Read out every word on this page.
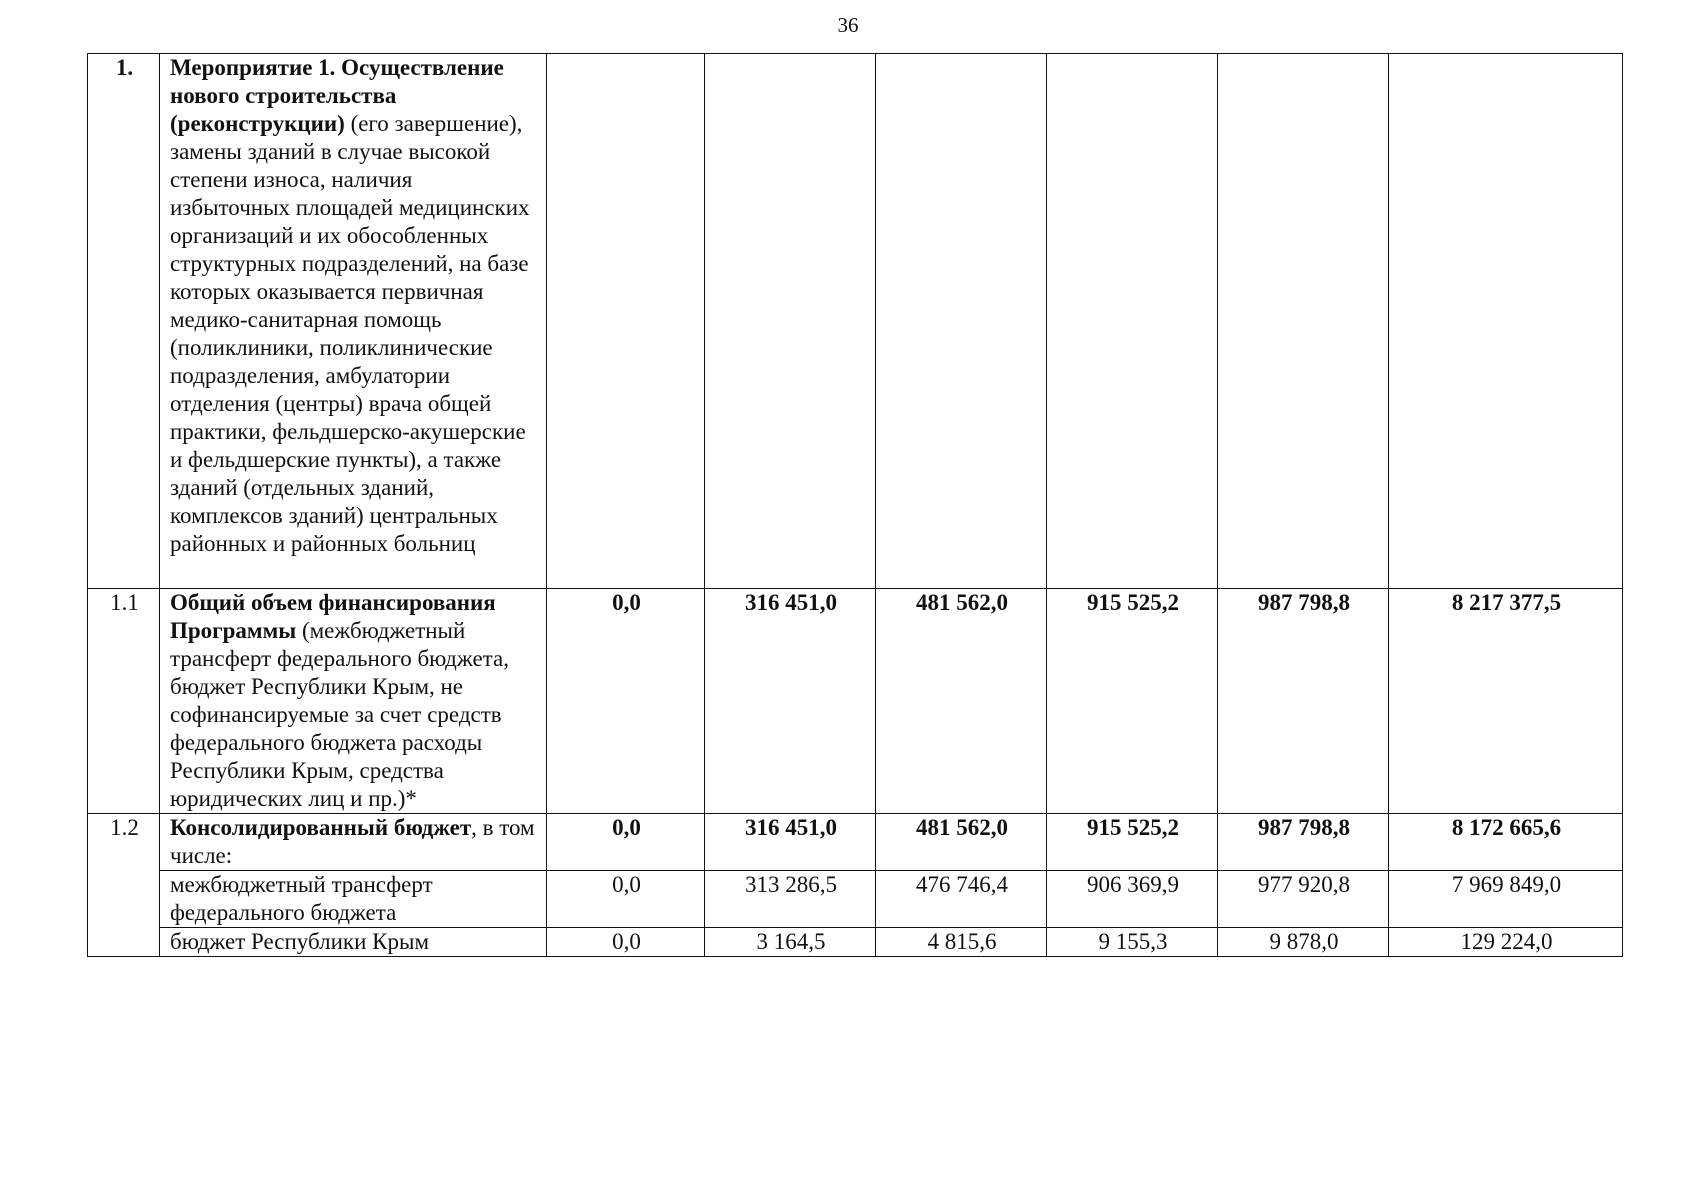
36
1.	Мероприятие 1. Осуществление нового строительства (реконструкции) (его завершение), замены зданий в случае высокой степени износа, наличия избыточных площадей медицинских организаций и их обособленных структурных подразделений, на базе которых оказывается первичная медико-санитарная помощь (поликлиники, поликлинические подразделения, амбулатории отделения (центры) врача общей практики, фельдшерско-акушерские и фельдшерские пункты), а также зданий (отдельных зданий, комплексов зданий) центральных районных и районных больниц						
1.1	Общий объем финансирования Программы (межбюджетный трансферт федерального бюджета, бюджет Республики Крым, не софинансируемые за счет средств федерального бюджета расходы Республики Крым, средства юридических лиц и пр.)*	0,0	316 451,0	481 562,0	915 525,2	987 798,8	8 217 377,5
1.2	Консолидированный бюджет, в том числе:	0,0	316 451,0	481 562,0	915 525,2	987 798,8	8 172 665,6
	межбюджетный трансферт федерального бюджета	0,0	313 286,5	476 746,4	906 369,9	977 920,8	7 969 849,0
	бюджет Республики Крым	0,0	3 164,5	4 815,6	9 155,3	9 878,0	129 224,0
